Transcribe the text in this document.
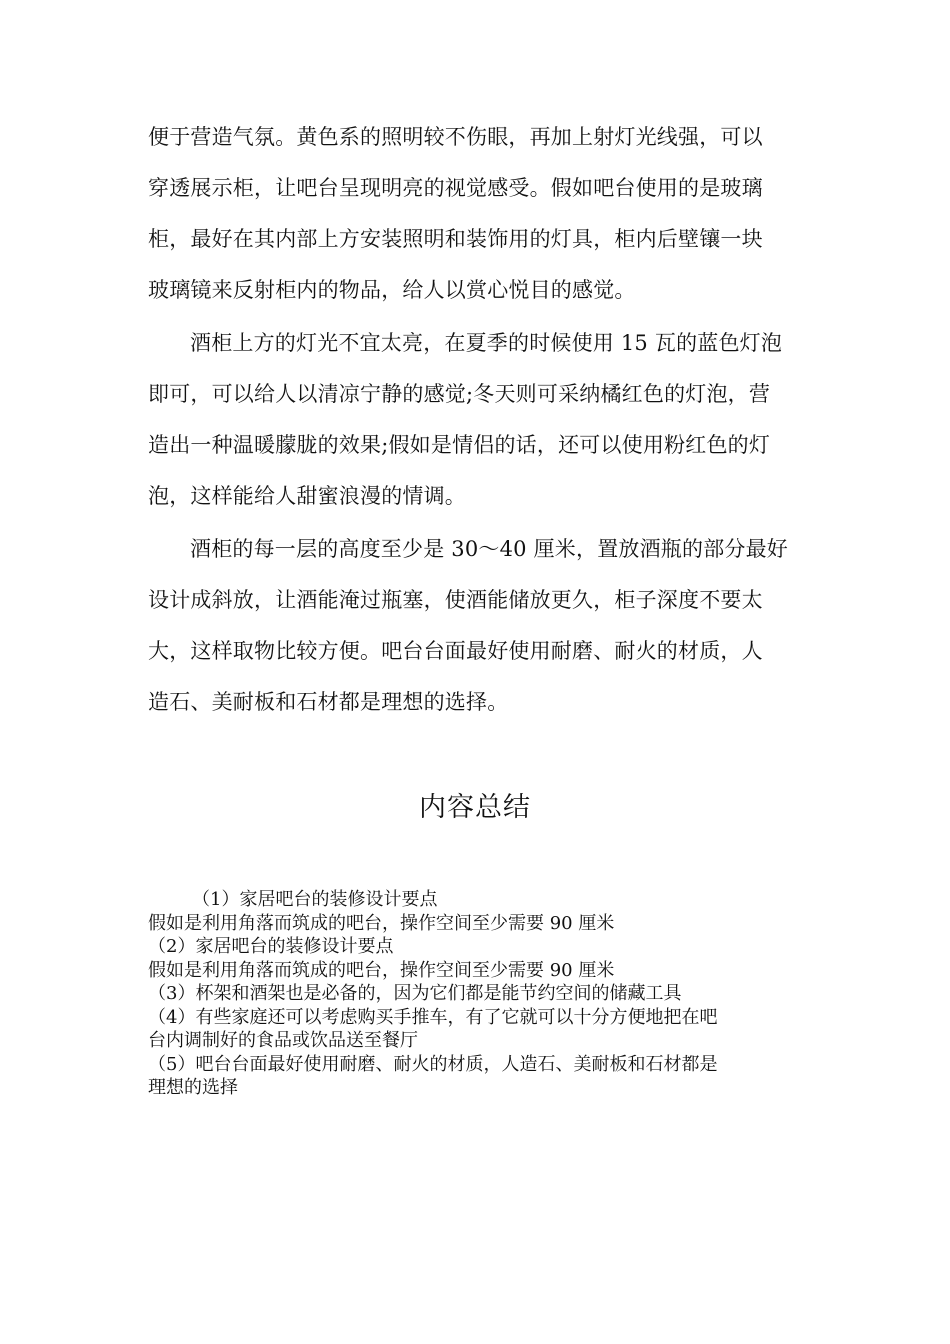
便于营造气氛。黄色系的照明较不伤眼，再加上射灯光线强，可以
穿透展示柜，让吧台呈现明亮的视觉感受。假如吧台使用的是玻璃
柜，最好在其内部上方安装照明和装饰用的灯具，柜内后壁镶一块
玻璃镜来反射柜内的物品，给人以赏心悦目的感觉。
酒柜上方的灯光不宜太亮，在夏季的时候使用 15 瓦的蓝色灯泡
即可，可以给人以清凉宁静的感觉;冬天则可采纳橘红色的灯泡，营
造出一种温暖朦胧的效果;假如是情侣的话，还可以使用粉红色的灯
泡，这样能给人甜蜜浪漫的情调。
酒柜的每一层的高度至少是 30～40 厘米，置放酒瓶的部分最好
设计成斜放，让酒能淹过瓶塞，使酒能储放更久，柜子深度不要太
大，这样取物比较方便。吧台台面最好使用耐磨、耐火的材质，人
造石、美耐板和石材都是理想的选择。
内容总结
（1）家居吧台的装修设计要点
假如是利用角落而筑成的吧台，操作空间至少需要 90 厘米
（2）家居吧台的装修设计要点
假如是利用角落而筑成的吧台，操作空间至少需要 90 厘米
（3）杯架和酒架也是必备的，因为它们都是能节约空间的储藏工具
（4）有些家庭还可以考虑购买手推车，有了它就可以十分方便地把在吧
台内调制好的食品或饮品送至餐厅
（5）吧台台面最好使用耐磨、耐火的材质，人造石、美耐板和石材都是
理想的选择
